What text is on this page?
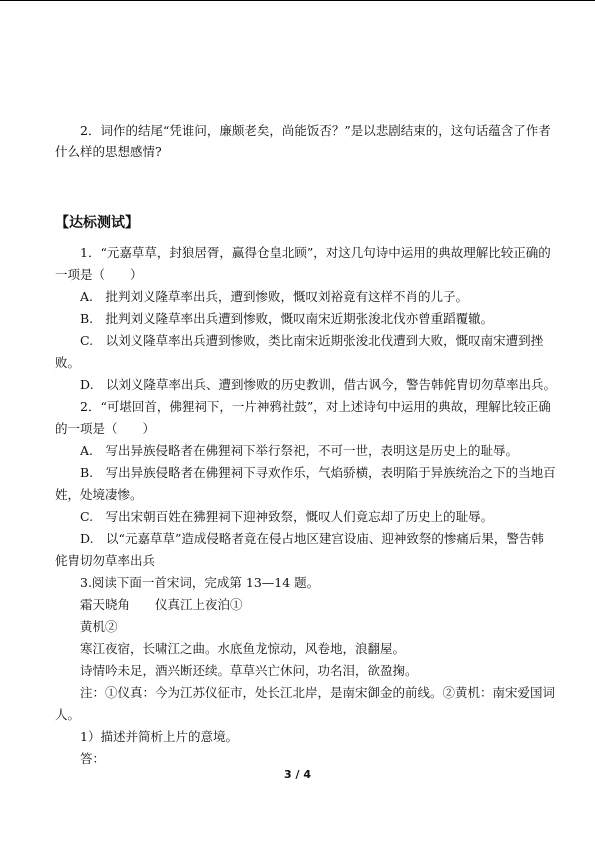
2．词作的结尾“凭谁问，廉颇老矣，尚能饭否？”是以悲剧结束的，这句话蕴含了作者

什么样的思想感情?

【达标测试】

1．“元嘉草草，封狼居胥，赢得仓皇北顾”，对这几句诗中运用的典故理解比较正确的

一项是（　　）

A.　批判刘义隆草率出兵，遭到惨败，慨叹刘裕竟有这样不肖的儿子。

B.　批判刘义隆草率出兵遭到惨败，慨叹南宋近期张浚北伐亦曾重蹈覆辙。

C.　以刘义隆草率出兵遭到惨败，类比南宋近期张浚北伐遭到大败，慨叹南宋遭到挫

败。

D.　以刘义隆草率出兵、遭到惨败的历史教训，借古讽今，警告韩侂胄切勿草率出兵。

2．“可堪回首，佛狸祠下，一片神鸦社鼓”，对上述诗句中运用的典故，理解比较正确

的一项是（　　）

A.　写出异族侵略者在佛狸祠下举行祭祀，不可一世，表明这是历史上的耻辱。

B.　写出异族侵略者在佛狸祠下寻欢作乐，气焰骄横，表明陷于异族统治之下的当地百

姓，处境凄惨。

C.　写出宋朝百姓在狒狸祠下迎神致祭，慨叹人们竟忘却了历史上的耻辱。

D.　以“元嘉草草”造成侵略者竟在侵占地区建宫设庙、迎神致祭的惨痛后果，警告韩

侂胄切勿草率出兵

3.阅读下面一首宋词，完成第 13—14 题。

霜天晓角　　仪真江上夜泊①

黄机②

寒江夜宿，长啸江之曲。水底鱼龙惊动，风卷地，浪翻屋。

诗情吟未足，酒兴断还续。草草兴亡休问，功名泪，欲盈掬。

注：①仪真：今为江苏仪征市，处长江北岸，是南宋御金的前线。②黄机：南宋爱国词

人。

1）描述并简析上片的意境。

答：

3 / 4
